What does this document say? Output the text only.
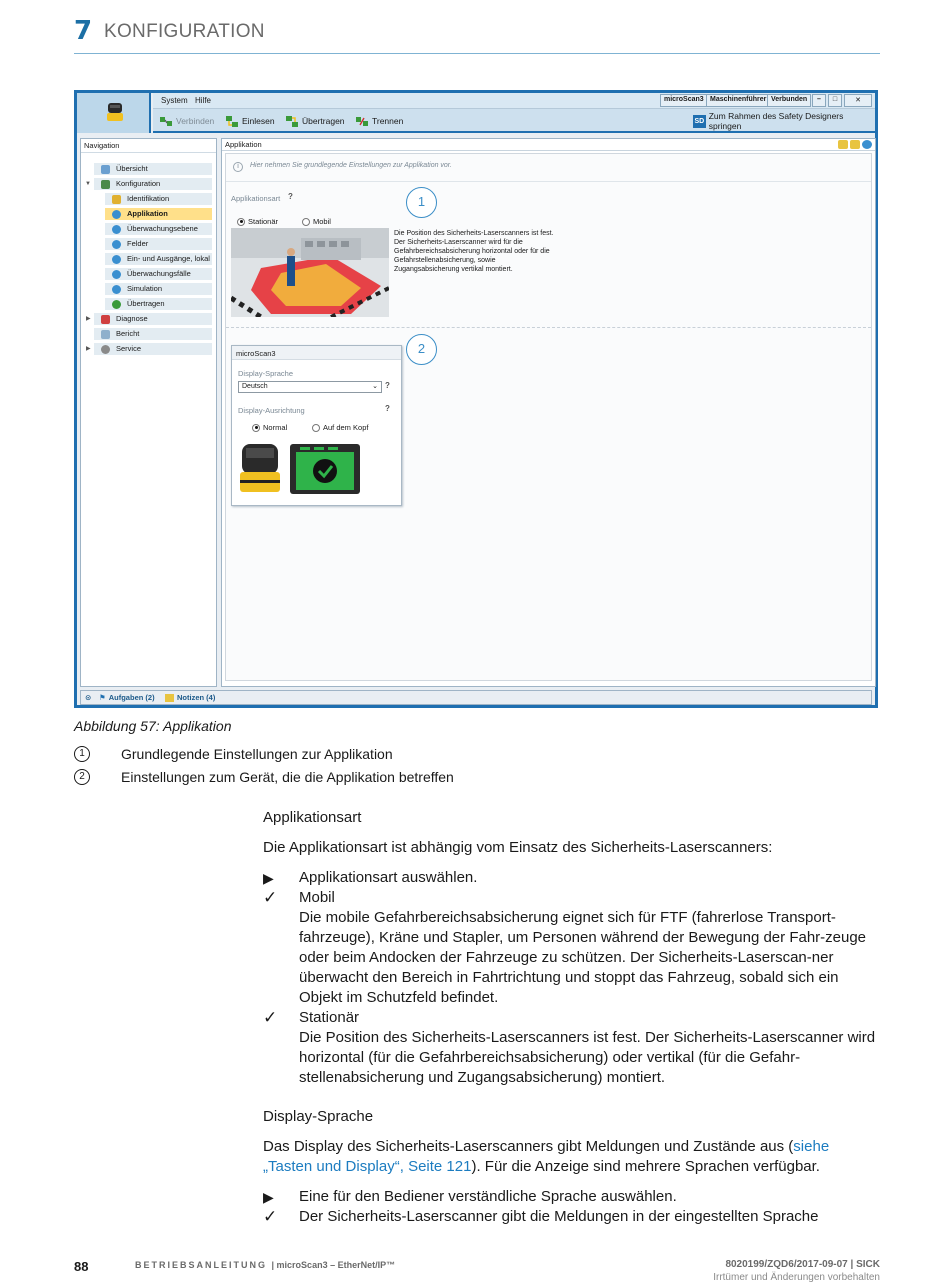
7 KONFIGURATION
System Hilfe	microScan3 Maschinenführer Verbunden	–	□	✕
Verbinden	Einlesen	Übertragen	Trennen	SD Zum Rahmen des Safety Designers springen
Navigation
Übersicht
▼	Konfiguration
Identifikation
Applikation
Überwachungsebene
Felder
Ein- und Ausgänge, lokal
Überwachungsfälle
Simulation
Übertragen
▶	Diagnose
Bericht
▶	Service
Applikation
i	Hier nehmen Sie grundlegende Einstellungen zur Applikation vor.
Applikationsart ?
Stationär	Mobil
1
Die Position des Sicherheits-Laserscanners ist fest.
Der Sicherheits-Laserscanner wird für die Gefahrbereichsabsicherung horizontal oder für die Gefahrstellenabsicherung, sowie Zugangsabsicherung vertikal montiert.
2
microScan3
Display-Sprache
Deutsch	⌄ ?
Display-Ausrichtung	?
Normal	Auf dem Kopf
⊙ ⚑ Aufgaben (2)	Notizen (4)
Abbildung 57: Applikation
1	Grundlegende Einstellungen zur Applikation
2	Einstellungen zum Gerät, die die Applikation betreffen
Applikationsart
Die Applikationsart ist abhängig vom Einsatz des Sicherheits-Laserscanners:
▶	Applikationsart auswählen.
✓	Mobil
Die mobile Gefahrbereichsabsicherung eignet sich für FTF (fahrerlose Transport-fahrzeuge), Kräne und Stapler, um Personen während der Bewegung der Fahr-zeuge oder beim Andocken der Fahrzeuge zu schützen. Der Sicherheits-Laserscan-ner überwacht den Bereich in Fahrtrichtung und stoppt das Fahrzeug, sobald sich ein Objekt im Schutzfeld befindet.
✓	Stationär
Die Position des Sicherheits-Laserscanners ist fest. Der Sicherheits-Laserscanner wird horizontal (für die Gefahrbereichsabsicherung) oder vertikal (für die Gefahr-stellenabsicherung und Zugangsabsicherung) montiert.
Display-Sprache
Das Display des Sicherheits-Laserscanners gibt Meldungen und Zustände aus (siehe „Tasten und Display“, Seite 121). Für die Anzeige sind mehrere Sprachen verfügbar.
▶	Eine für den Bediener verständliche Sprache auswählen.
✓	Der Sicherheits-Laserscanner gibt die Meldungen in der eingestellten Sprache
88	BETRIEBSANLEITUNG | microScan3 – EtherNet/IP™	8020199/ZQD6/2017-09-07 | SICK
Irrtümer und Änderungen vorbehalten
